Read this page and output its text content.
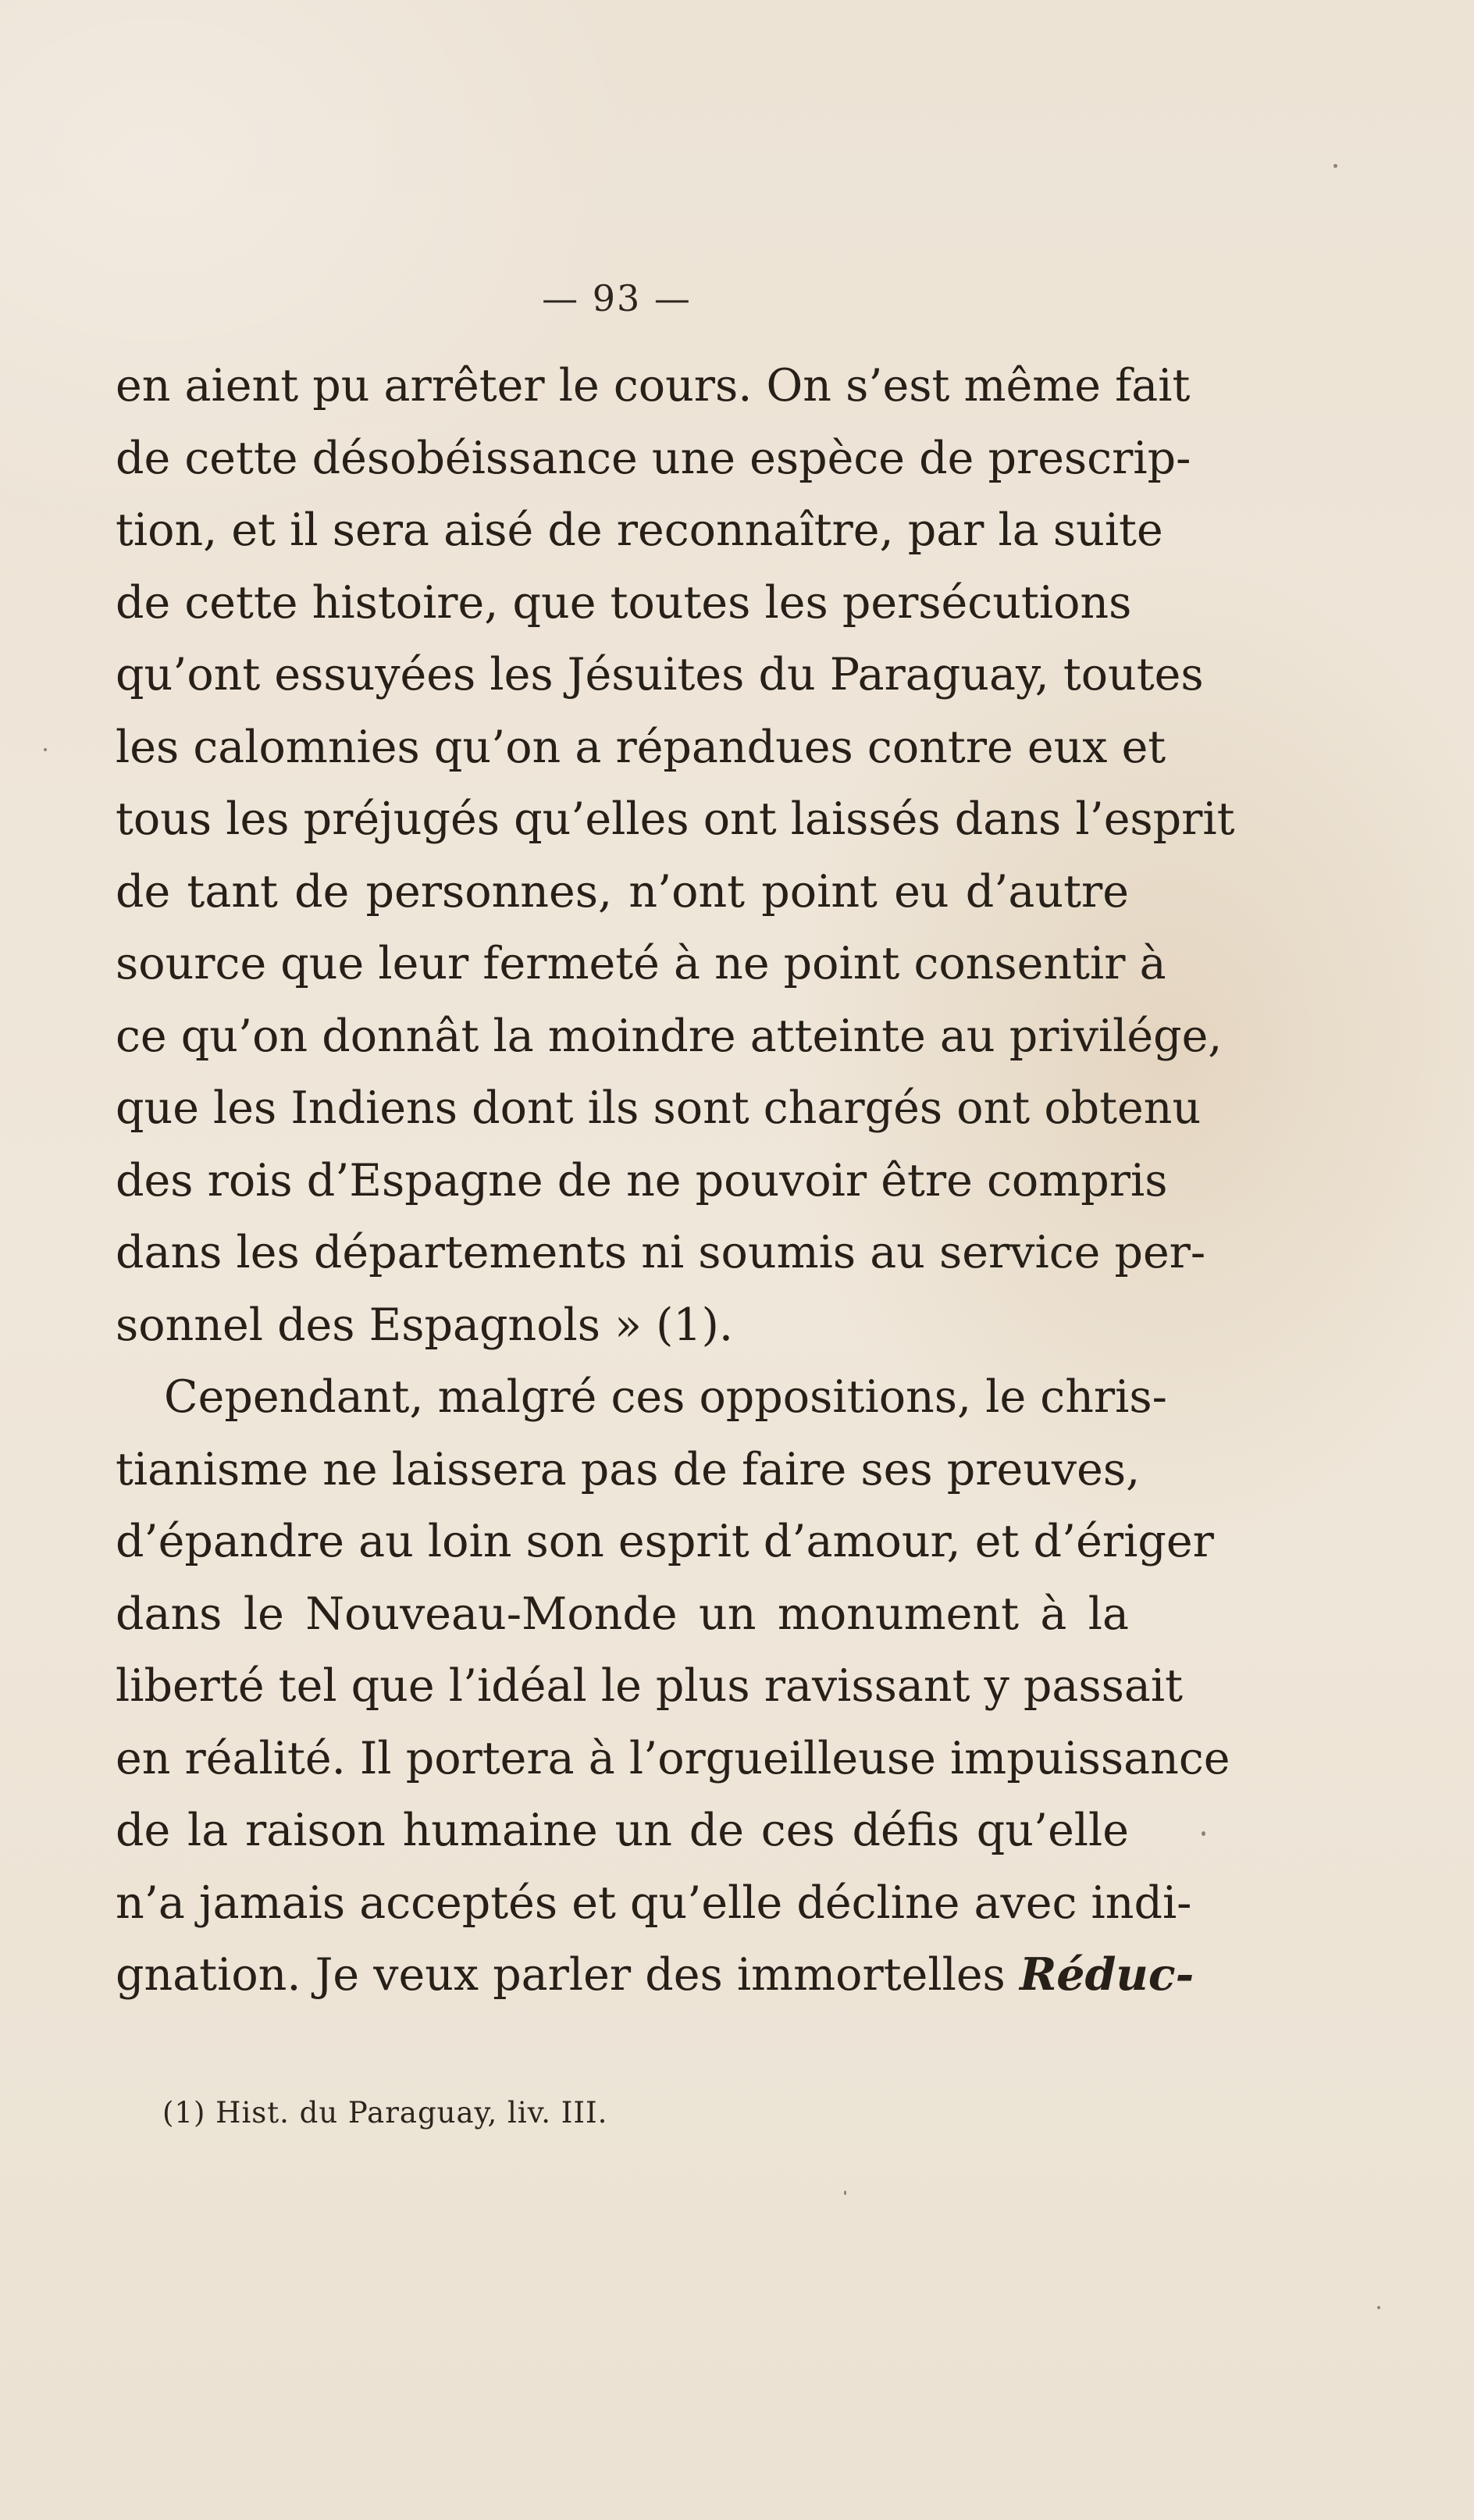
— 93 —
en aient pu arrêter le cours. On s’est même fait
de cette désobéissance une espèce de prescrip-
tion, et il sera aisé de reconnaître, par la suite
de cette histoire, que toutes les persécutions
qu’ont essuyées les Jésuites du Paraguay, toutes
les calomnies qu’on a répandues contre eux et
tous les préjugés qu’elles ont laissés dans l’esprit
de tant de personnes, n’ont point eu d’autre
source que leur fermeté à ne point consentir à
ce qu’on donnât la moindre atteinte au privilége,
que les Indiens dont ils sont chargés ont obtenu
des rois d’Espagne de ne pouvoir être compris
dans les départements ni soumis au service per-
sonnel des Espagnols » (1).
Cependant, malgré ces oppositions, le chris-
tianisme ne laissera pas de faire ses preuves,
d’épandre au loin son esprit d’amour, et d’ériger
dans le Nouveau-Monde un monument à la
liberté tel que l’idéal le plus ravissant y passait
en réalité. Il portera à l’orgueilleuse impuissance
de la raison humaine un de ces défis qu’elle
n’a jamais acceptés et qu’elle décline avec indi-
gnation. Je veux parler des immortelles Réduc-
(1) Hist. du Paraguay, liv. III.
